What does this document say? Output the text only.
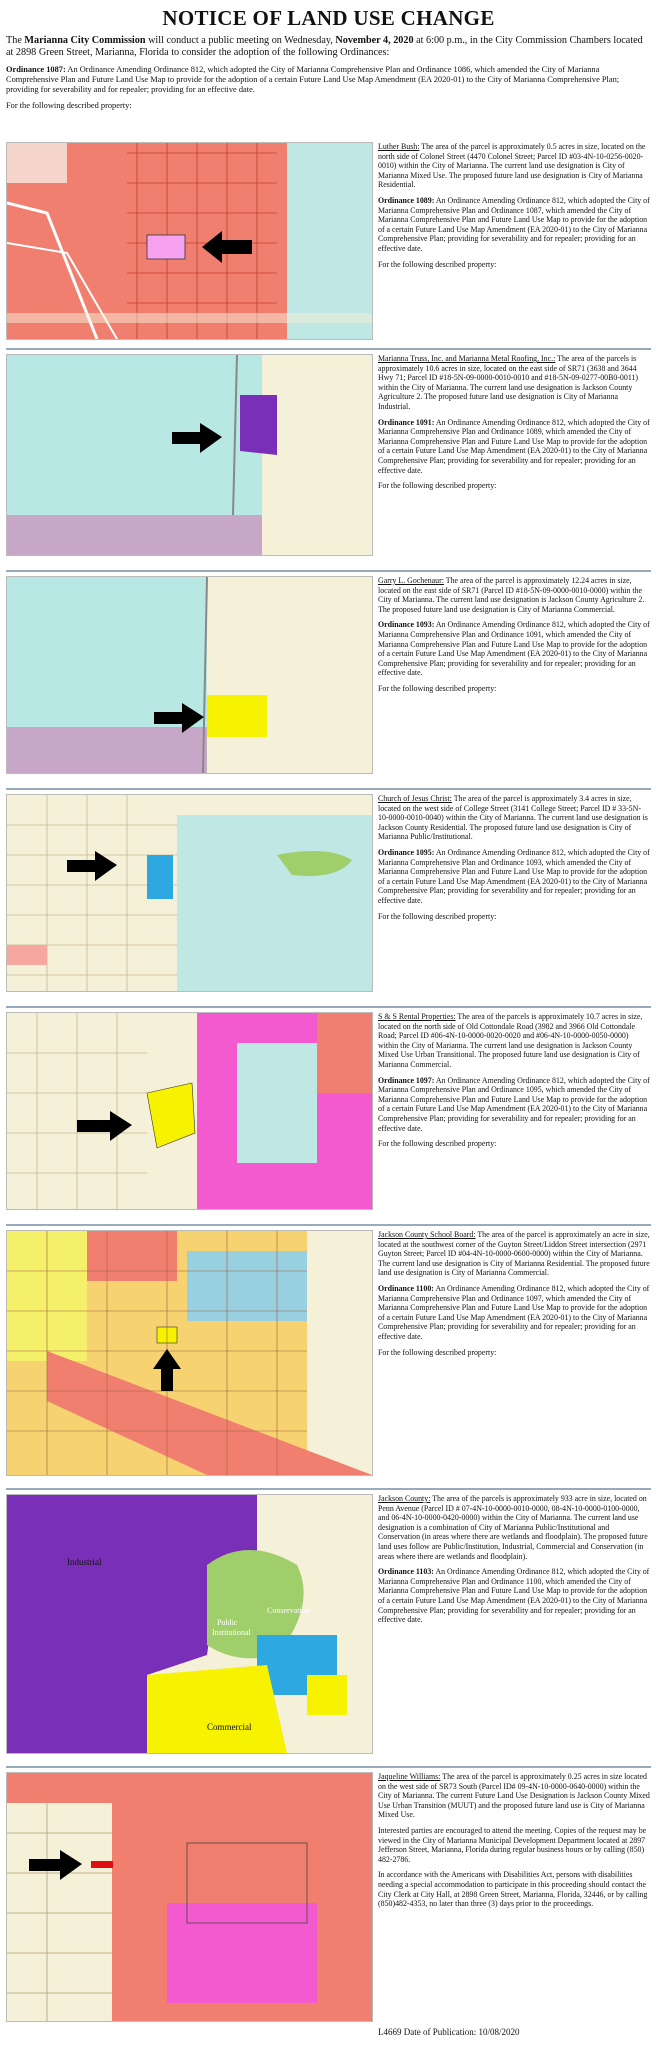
NOTICE OF LAND USE CHANGE
The Marianna City Commission will conduct a public meeting on Wednesday, November 4, 2020 at 6:00 p.m., in the City Commission Chambers located at 2898 Green Street, Marianna, Florida to consider the adoption of the following Ordinances:
Ordinance 1087: An Ordinance Amending Ordinance 812, which adopted the City of Marianna Comprehensive Plan and Ordinance 1086, which amended the City of Marianna Comprehensive Plan and Future Land Use Map to provide for the adoption of a certain Future Land Use Map Amendment (EA 2020-01) to the City of Marianna Comprehensive Plan; providing for severability and for repealer; providing for an effective date.
For the following described property:

Luther Bush: The area of the parcel is approximately 0.5 acres in size, located on the north side of Colonel Street (4470 Colonel Street; Parcel ID #03-4N-10-0256-0020-0010) within the City of Marianna. The current land use designation is City of Marianna Mixed Use. The proposed future land use designation is City of Marianna Residential.

Ordinance 1089: An Ordinance Amending Ordinance 812, which adopted the City of Marianna Comprehensive Plan and Ordinance 1087, which amended the City of Marianna Comprehensive Plan and Future Land Use Map to provide for the adoption of a certain Future Land Use Map Amendment (EA 2020-01) to the City of Marianna Comprehensive Plan; providing for severability and for repealer; providing for an effective date.

For the following described property:

Marianna Truss, Inc. and Marianna Metal Roofing, Inc.: The area of the parcels is approximately 10.6 acres in size, located on the east side of SR71 (3638 and 3644 Hwy 71; Parcel ID #18-5N-09-0000-0010-0010 and #18-5N-09-0277-00B0-0011) within the City of Marianna. The current land use designation is Jackson County Agriculture 2. The proposed future land use designation is City of Marianna Industrial.

Ordinance 1091: An Ordinance Amending Ordinance 812, which adopted the City of Marianna Comprehensive Plan and Ordinance 1089, which amended the City of Marianna Comprehensive Plan and Future Land Use Map to provide for the adoption of a certain Future Land Use Map Amendment (EA 2020-01) to the City of Marianna Comprehensive Plan; providing for severability and for repealer; providing for an effective date.

For the following described property:

Garry L. Gochenaur: The area of the parcel is approximately 12.24 acres in size, located on the east side of SR71 (Parcel ID #18-5N-09-0000-0010-0000) within the City of Marianna. The current land use designation is Jackson County Agriculture 2. The proposed future land use designation is City of Marianna Commercial.

Ordinance 1093: An Ordinance Amending Ordinance 812, which adopted the City of Marianna Comprehensive Plan and Ordinance 1091, which amended the City of Marianna Comprehensive Plan and Future Land Use Map to provide for the adoption of a certain Future Land Use Map Amendment (EA 2020-01) to the City of Marianna Comprehensive Plan; providing for severability and for repealer; providing for an effective date.

For the following described property:

Church of Jesus Christ: The area of the parcel is approximately 3.4 acres in size, located on the west side of College Street (3141 College Street; Parcel ID # 33-5N-10-0000-0010-0040) within the City of Marianna. The current land use designation is Jackson County Residential. The proposed future land use designation is City of Marianna Public/Institutional.

Ordinance 1095: An Ordinance Amending Ordinance 812, which adopted the City of Marianna Comprehensive Plan and Ordinance 1093, which amended the City of Marianna Comprehensive Plan and Future Land Use Map to provide for the adoption of a certain Future Land Use Map Amendment (EA 2020-01) to the City of Marianna Comprehensive Plan; providing for severability and for repealer; providing for an effective date.

For the following described property:

S & S Rental Properties: The area of the parcels is approximately 10.7 acres in size, located on the north side of Old Cottondale Road (3982 and 3966 Old Cottondale Road; Parcel ID #06-4N-10-0000-0020-0020 and #06-4N-10-0000-0050-0000) within the City of Marianna. The current land use designation is Jackson County Mixed Use Urban Transitional. The proposed future land use designation is City of Marianna Commercial.

Ordinance 1097: An Ordinance Amending Ordinance 812, which adopted the City of Marianna Comprehensive Plan and Ordinance 1095, which amended the City of Marianna Comprehensive Plan and Future Land Use Map to provide for the adoption of a certain Future Land Use Map Amendment (EA 2020-01) to the City of Marianna Comprehensive Plan; providing for severability and for repealer; providing for an effective date.

For the following described property:

Jackson County School Board: The area of the parcel is approximately an acre in size, located at the southwest corner of the Guyton Street/Liddon Street intersection (2971 Guyton Street; Parcel ID #04-4N-10-0000-0600-0000) within the City of Marianna. The current land use designation is City of Marianna Residential. The proposed future land use designation is City of Marianna Commercial.

Ordinance 1100: An Ordinance Amending Ordinance 812, which adopted the City of Marianna Comprehensive Plan and Ordinance 1097, which amended the City of Marianna Comprehensive Plan and Future Land Use Map to provide for the adoption of a certain Future Land Use Map Amendment (EA 2020-01) to the City of Marianna Comprehensive Plan; providing for severability and for repealer; providing for an effective date.

For the following described property:

Industrial
Conservation
Public
Institutional
Commercial

Jackson County: The area of the parcels is approximately 933 acre in size, located on Penn Avenue (Parcel ID # 07-4N-10-0000-0010-0000, 08-4N-10-0000-0100-0000, and 06-4N-10-0000-0420-0000) within the City of Marianna. The current land use designation is a combination of City of Marianna Public/Institutional and Conservation (in areas where there are wetlands and floodplain). The proposed future land uses follow are Public/Institution, Industrial, Commercial and Conservation (in areas where there are wetlands and floodplain).

Ordinance 1103: An Ordinance Amending Ordinance 812, which adopted the City of Marianna Comprehensive Plan and Ordinance 1100, which amended the City of Marianna Comprehensive Plan and Future Land Use Map to provide for the adoption of a certain Future Land Use Map Amendment (EA 2020-01) to the City of Marianna Comprehensive Plan; providing for severability and for repealer; providing for an effective date.

Jaqueline Williams: The area of the parcel is approximately 0.25 acres in size located on the west side of SR73 South (Parcel ID# 09-4N-10-0000-0640-0000) within the City of Marianna. The current Future Land Use Designation is Jackson County Mixed Use Urban Transition (MUUT) and the proposed future land use is City of Marianna Mixed Use.

Interested parties are encouraged to attend the meeting. Copies of the request may be viewed in the City of Marianna Municipal Development Department located at 2897 Jefferson Street, Marianna, Florida during regular business hours or by calling (850) 482-2786.

In accordance with the Americans with Disabilities Act, persons with disabilities needing a special accommodation to participate in this proceeding should contact the City Clerk at City Hall, at 2898 Green Street, Marianna, Florida, 32446, or by calling (850)482-4353, no later than three (3) days prior to the proceedings.

L4669 Date of Publication: 10/08/2020
